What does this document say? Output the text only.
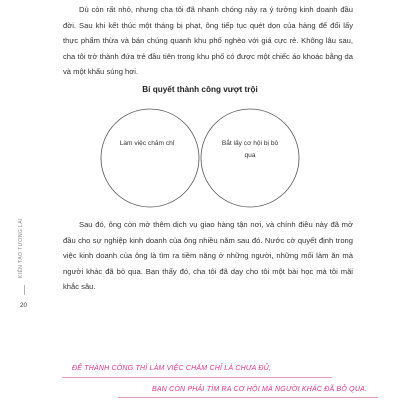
Dù còn rất nhỏ, nhưng cha tôi đã nhanh chóng nảy ra ý tưởng kinh doanh đầu đời. Sau khi kết thúc một tháng bị phạt, ông tiếp tục quét dọn của hàng để đổi lấy thực phẩm thừa và bán chúng quanh khu phố nghèo với giá cực rẻ. Không lâu sau, cha tôi trở thành đứa trẻ đầu tiên trong khu phố có được một chiếc áo khoác bằng da và một khẩu súng hơi.

Bí quyết thành công vượt trội
Làm việc chăm chỉ	Bắt lấy cơ hội bị bỏ qua

Sau đó, ông còn mở thêm dịch vụ giao hàng tận nơi, và chính điều này đã mở đầu cho sự nghiệp kinh doanh của ông nhiều năm sau đó. Nước cờ quyết định trong việc kinh doanh của ông là tìm ra tiềm năng ở những người, những mối làm ăn mà người khác đã bỏ qua. Bạn thấy đó, cha tôi đã dạy cho tôi một bài học mà tôi mãi khắc sâu.

KIẾN TẠO TƯƠNG LAI
20
ĐỂ THÀNH CÔNG THÌ LÀM VIỆC CHĂM CHỈ LÀ CHƯA ĐỦ,
BẠN CÒN PHẢI TÌM RA CƠ HỘI MÀ NGƯỜI KHÁC ĐÃ BỎ QUA.
